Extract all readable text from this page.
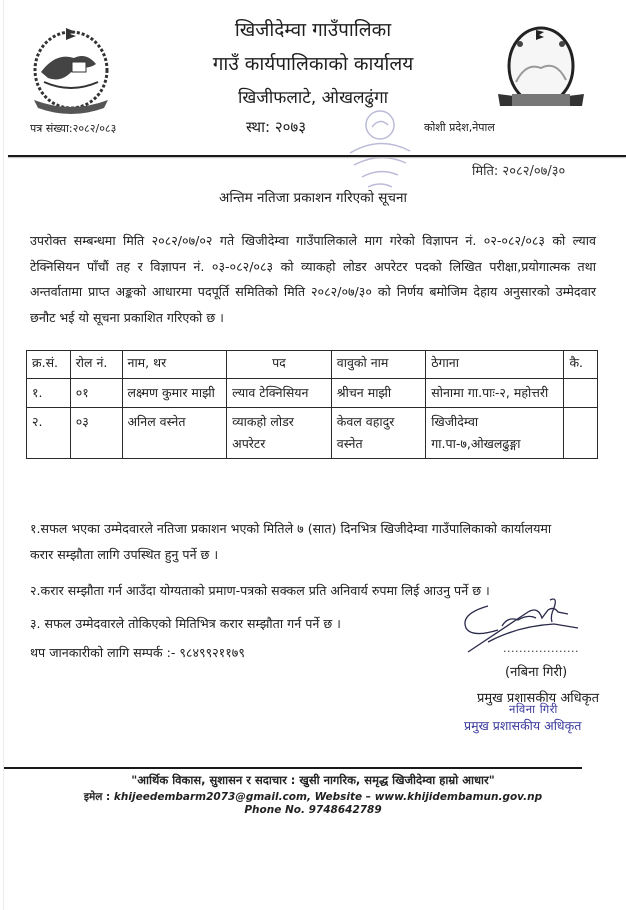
खिजीदेम्वा गाउँपालिका
गाउँ कार्यपालिकाको कार्यालय
खिजीफलाटे, ओखलढुंगा
पत्र संख्या:२०८२/०८३	स्था: २०७३	कोशी प्रदेश,नेपाल
मिति: २०८२/०७/३०
अन्तिम नतिजा प्रकाशन गरिएको सूचना
उपरोक्त सम्बन्धमा मिति २०८२/०७/०२ गते खिजीदेम्वा गाउँपालिकाले माग गरेको विज्ञापन नं. ०२-०८२/०८३ को ल्याव टेक्निसियन पाँचौं तह र विज्ञापन नं. ०३-०८२/०८३ को व्याकहो लोडर अपरेटर पदको लिखित परीक्षा,प्रयोगात्मक तथा अन्तर्वातामा प्राप्त अङ्कको आधारमा पदपूर्ति समितिको मिति २०८२/०७/३० को निर्णय बमोजिम देहाय अनुसारको उम्मेदवार छनौट भई यो सूचना प्रकाशित गरिएको छ ।
क्र.सं.	रोल नं.	नाम, थर	पद	वावुको नाम	ठेगाना	कै.
१.	०१	लक्ष्मण कुमार माझी	ल्याव टेक्निसियन	श्रीचन माझी	सोनामा गा.पाः-२, महोत्तरी	
२.	०३	अनिल वस्नेत	व्याकहो लोडर अपरेटर	केवल वहादुर वस्नेत	खिजीदेम्वा गा.पा-७,ओखलढुङ्गा	
१.सफल भएका उम्मेदवारले नतिजा प्रकाशन भएको मितिले ७ (सात) दिनभित्र खिजीदेम्वा गाउँपालिकाको कार्यालयमा करार सम्झौता लागि उपस्थित हुनु पर्ने छ ।
२.करार सम्झौता गर्न आउँदा योग्यताको प्रमाण-पत्रको सक्कल प्रति अनिवार्य रुपमा लिई आउनु पर्ने छ ।
३. सफल उम्मेदवारले तोकिएको मितिभित्र करार सम्झौता गर्न पर्ने छ ।
थप जानकारीको लागि सम्पर्क :- ९८४९९२११७९	...................
(नबिना गिरी)
प्रमुख प्रशासकीय अधिकृत
नविना गिरी
प्रमुख प्रशासकीय अधिकृत
"आर्थिक विकास, सुशासन र सदाचार : खुसी नागरिक, समृद्ध खिजीदेम्वा हाम्रो आधार"
इमेल : khijeedembarm2073@gmail.com, Website – www.khijidembamun.gov.np
Phone No. 9748642789
